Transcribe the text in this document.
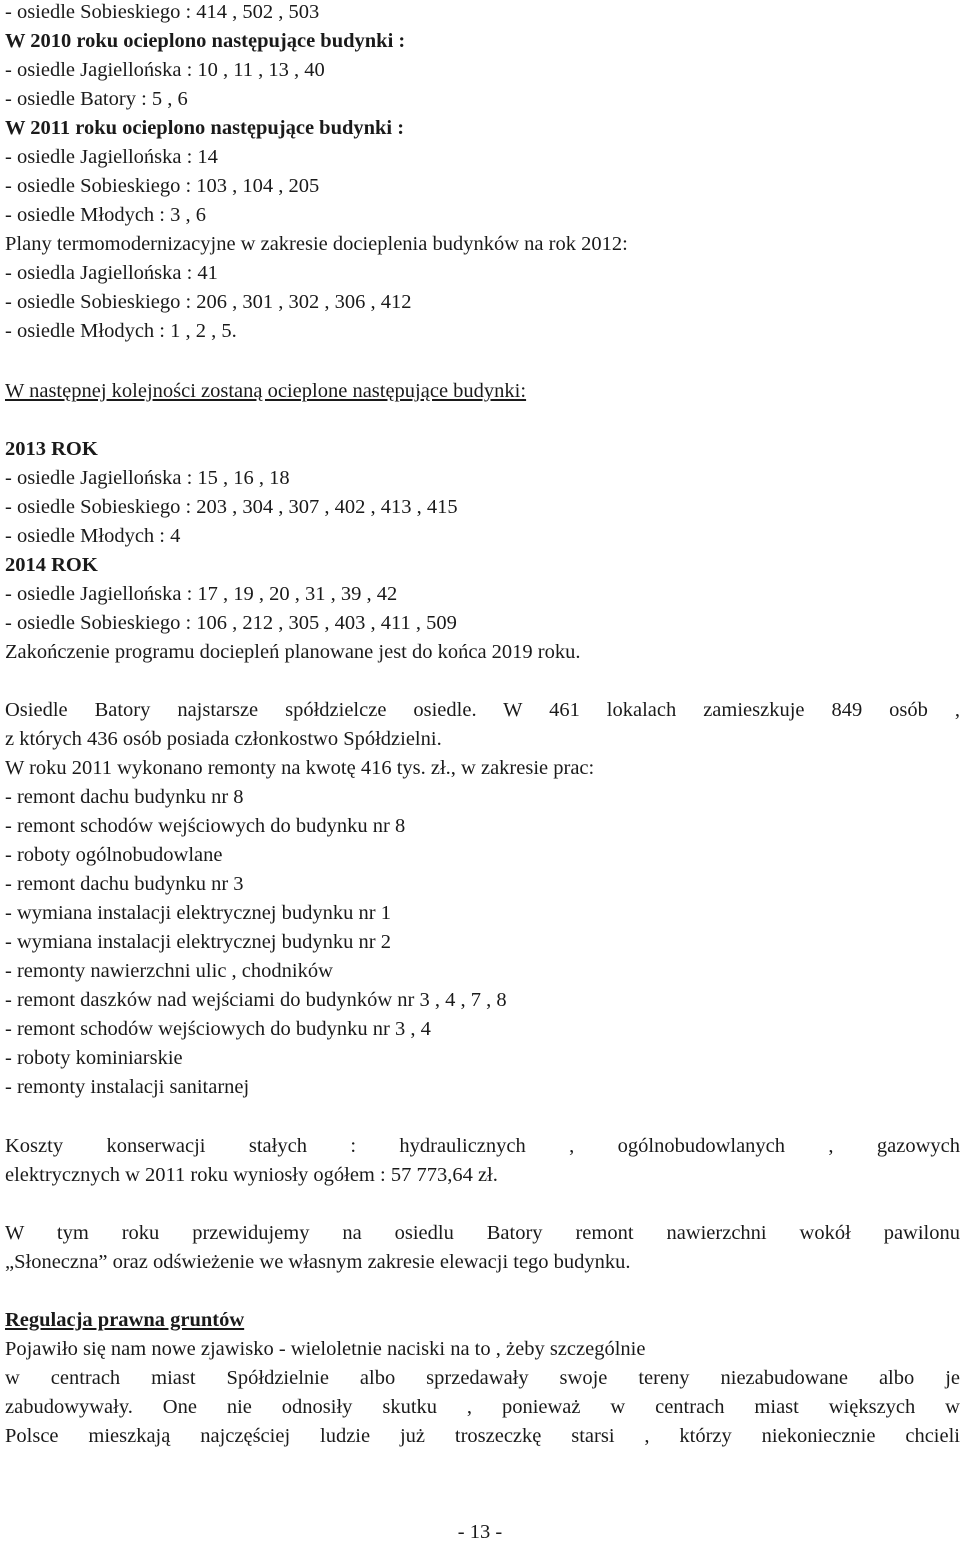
- osiedle Sobieskiego : 414 , 502 , 503
W 2010 roku ocieplono następujące budynki :
- osiedle Jagiellońska : 10 , 11 , 13 , 40
- osiedle Batory : 5 , 6
W 2011 roku ocieplono następujące budynki :
- osiedle Jagiellońska : 14
- osiedle Sobieskiego : 103 , 104 , 205
- osiedle Młodych : 3 , 6
Plany termomodernizacyjne w zakresie docieplenia budynków na rok 2012:
- osiedla Jagiellońska : 41
- osiedle Sobieskiego : 206 , 301 , 302 , 306 , 412
- osiedle Młodych : 1 , 2 , 5.
W następnej kolejności zostaną ocieplone następujące budynki:
2013 ROK
- osiedle Jagiellońska : 15 , 16 , 18
- osiedle Sobieskiego : 203 , 304 , 307 , 402 , 413 , 415
- osiedle Młodych : 4
2014 ROK
- osiedle Jagiellońska : 17 , 19 , 20 , 31 , 39 , 42
- osiedle Sobieskiego : 106 , 212 , 305 , 403 , 411 , 509
Zakończenie programu dociepleń planowane jest do końca 2019 roku.
Osiedle Batory najstarsze spółdzielcze osiedle. W 461 lokalach zamieszkuje 849 osób ,
z których 436 osób posiada członkostwo Spółdzielni.
W roku 2011 wykonano remonty na kwotę 416 tys. zł., w zakresie prac:
- remont dachu budynku nr 8
- remont schodów wejściowych do budynku nr 8
- roboty ogólnobudowlane
- remont dachu budynku nr 3
- wymiana instalacji elektrycznej budynku nr 1
- wymiana instalacji elektrycznej budynku nr 2
- remonty nawierzchni ulic , chodników
- remont daszków nad wejściami do budynków nr 3 , 4 , 7 , 8
- remont schodów wejściowych do budynku nr 3 , 4
- roboty kominiarskie
- remonty instalacji sanitarnej
Koszty konserwacji stałych : hydraulicznych , ogólnobudowlanych , gazowych
elektrycznych w 2011 roku wyniosły ogółem : 57 773,64 zł.
W tym roku przewidujemy na osiedlu Batory remont nawierzchni wokół pawilonu
„Słoneczna” oraz odświeżenie we własnym zakresie elewacji tego budynku.
Regulacja prawna gruntów
Pojawiło się nam nowe zjawisko - wieloletnie naciski na to , żeby szczególnie
w centrach miast Spółdzielnie albo sprzedawały swoje tereny niezabudowane albo je
zabudowywały. One nie odnosiły skutku , ponieważ w centrach miast większych w
Polsce mieszkają najczęściej ludzie już troszeczkę starsi , którzy niekoniecznie chcieli
- 13 -
